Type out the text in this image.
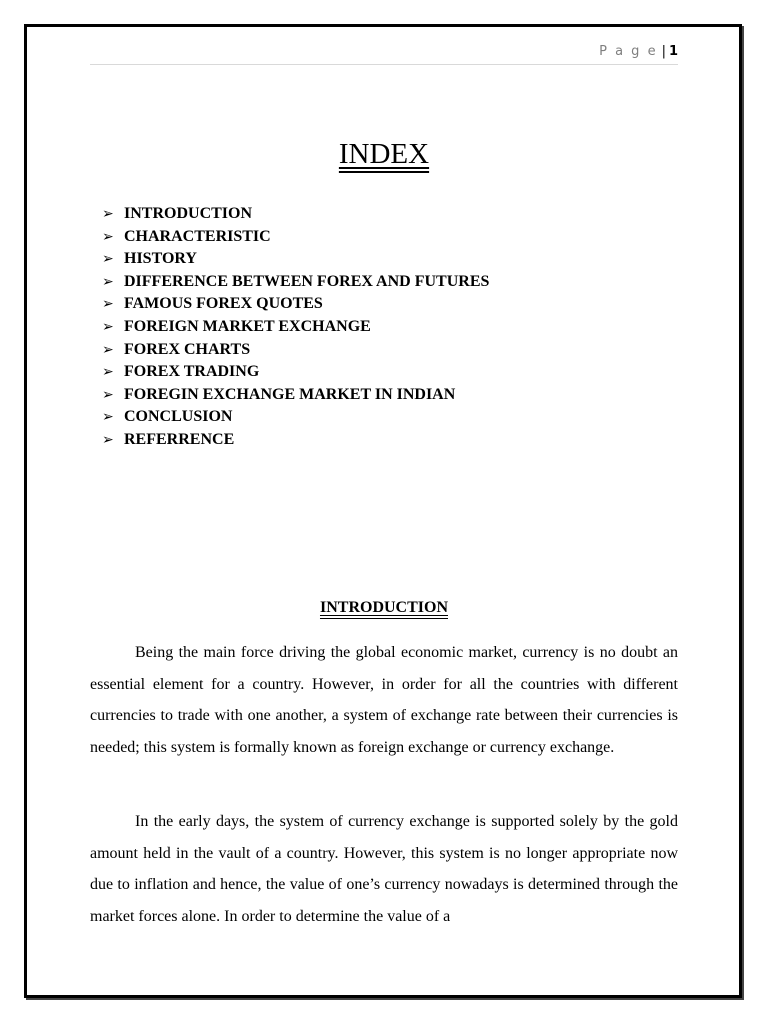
P a g e | 1
INDEX
➢ INTRODUCTION
➢ CHARACTERISTIC
➢ HISTORY
➢ DIFFERENCE BETWEEN FOREX AND FUTURES
➢ FAMOUS FOREX QUOTES
➢ FOREIGN MARKET EXCHANGE
➢ FOREX CHARTS
➢ FOREX TRADING
➢ FOREGIN EXCHANGE MARKET IN INDIAN
➢ CONCLUSION
➢ REFERRENCE
INTRODUCTION

Being the main force driving the global economic market, currency is no doubt an essential element for a country. However, in order for all the countries with different currencies to trade with one another, a system of exchange rate between their currencies is needed; this system is formally known as foreign exchange or currency exchange.

In the early days, the system of currency exchange is supported solely by the gold amount held in the vault of a country. However, this system is no longer appropriate now due to inflation and hence, the value of one’s currency nowadays is determined through the market forces alone. In order to determine the value of a
